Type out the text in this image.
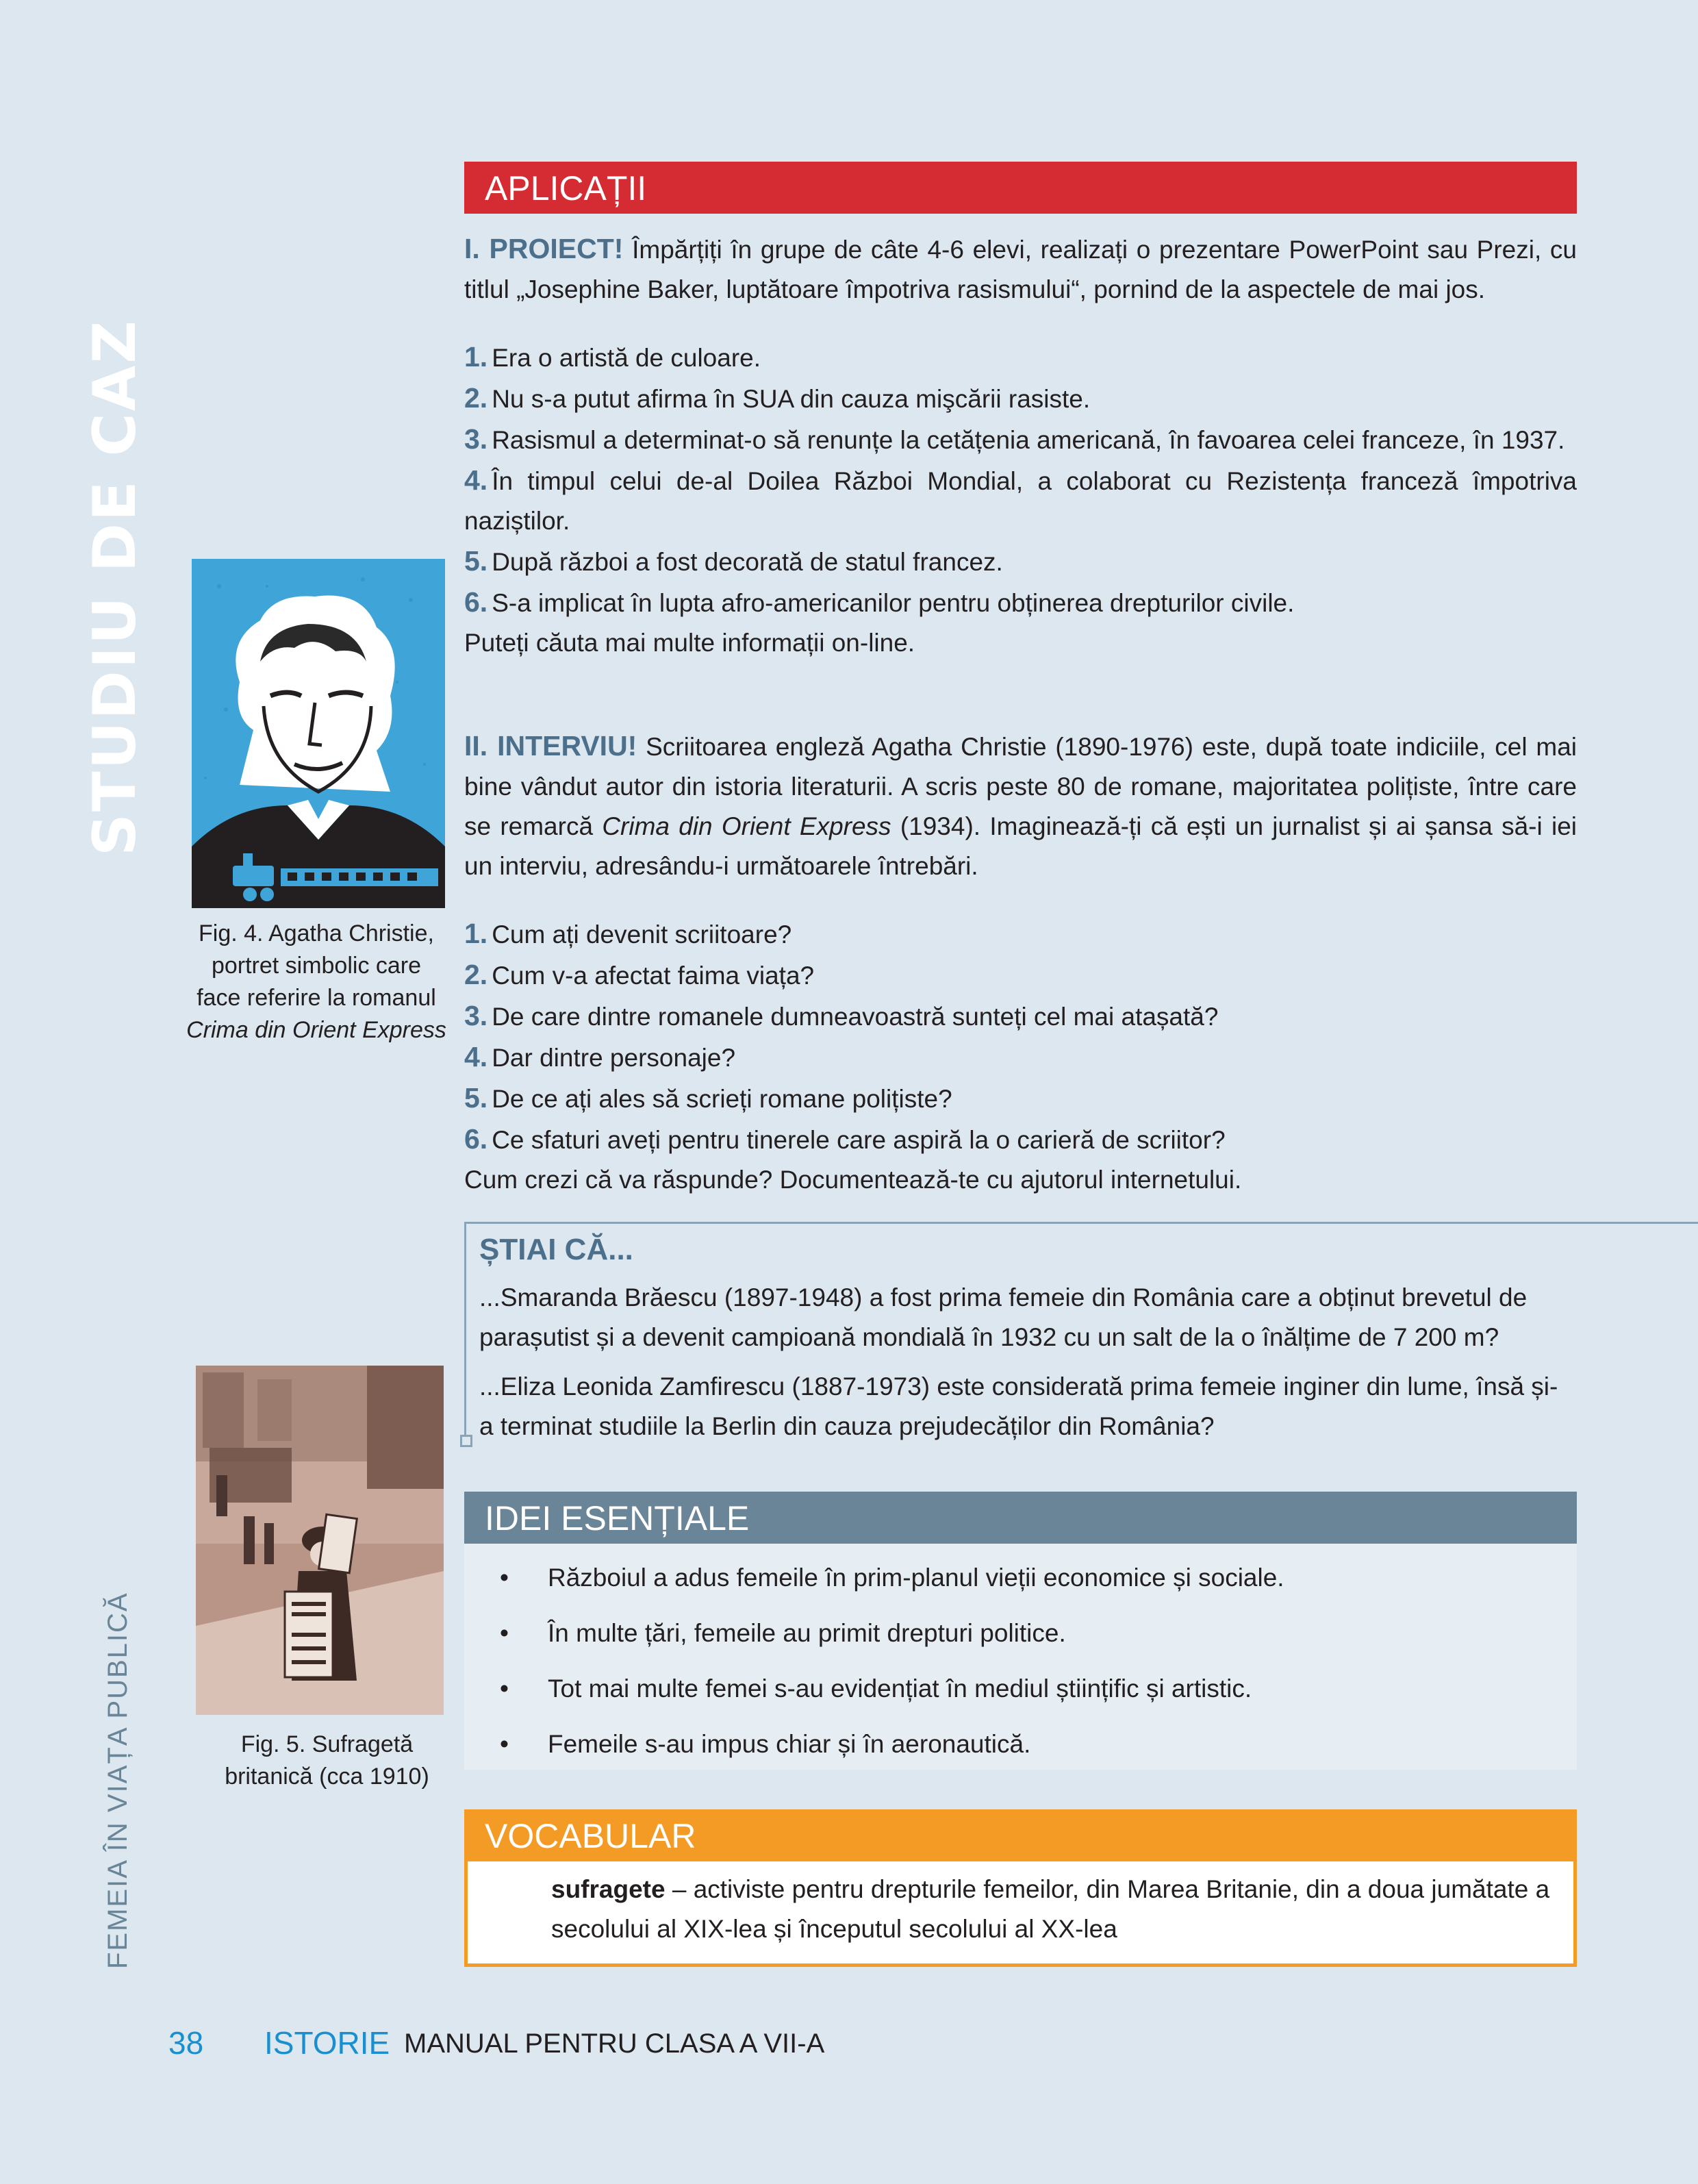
STUDIU DE CAZ
FEMEIA ÎN VIAȚA PUBLICĂ
APLICAȚII
I. PROIECT! Împărțiți în grupe de câte 4-6 elevi, realizați o prezentare PowerPoint sau Prezi, cu titlul „Josephine Baker, luptătoare împotriva rasismului“, pornind de la aspectele de mai jos.
1. Era o artistă de culoare.
2. Nu s-a putut afirma în SUA din cauza mişcării rasiste.
3. Rasismul a determinat-o să renunțe la cetățenia americană, în favoarea celei franceze, în 1937.
4. În timpul celui de-al Doilea Război Mondial, a colaborat cu Rezistența franceză împotriva naziștilor.
5. După război a fost decorată de statul francez.
6. S-a implicat în lupta afro-americanilor pentru obținerea drepturilor civile.
Puteți căuta mai multe informații on-line.
Fig. 4. Agatha Christie,
portret simbolic care
face referire la romanul
Crima din Orient Express
II. INTERVIU! Scriitoarea engleză Agatha Christie (1890-1976) este, după toate indiciile, cel mai bine vândut autor din istoria literaturii. A scris peste 80 de romane, majoritatea polițiste, între care se remarcă Crima din Orient Express (1934). Imaginează-ți că ești un jurnalist și ai șansa să-i iei un interviu, adresându-i următoarele întrebări.
1. Cum ați devenit scriitoare?
2. Cum v-a afectat faima viața?
3. De care dintre romanele dumneavoastră sunteți cel mai atașată?
4. Dar dintre personaje?
5. De ce ați ales să scrieți romane polițiste?
6. Ce sfaturi aveți pentru tinerele care aspiră la o carieră de scriitor?
Cum crezi că va răspunde? Documentează-te cu ajutorul internetului.
ȘTIAI CĂ...
...Smaranda Brăescu (1897-1948) a fost prima femeie din România care a obținut brevetul de parașutist și a devenit campioană mondială în 1932 cu un salt de la o înălțime de 7 200 m?
...Eliza Leonida Zamfirescu (1887-1973) este considerată prima femeie inginer din lume, însă și-a terminat studiile la Berlin din cauza prejudecăților din România?
Fig. 5. Sufragetă
britanică (cca 1910)
IDEI ESENȚIALE
• Războiul a adus femeile în prim-planul vieții economice și sociale.
• În multe țări, femeile au primit drepturi politice.
• Tot mai multe femei s-au evidențiat în mediul științific și artistic.
• Femeile s-au impus chiar și în aeronautică.
VOCABULAR
sufragete – activiste pentru drepturile femeilor, din Marea Britanie, din a doua jumătate a secolului al XIX-lea și începutul secolului al XX-lea
38 ISTORIE MANUAL PENTRU CLASA A VII-A
